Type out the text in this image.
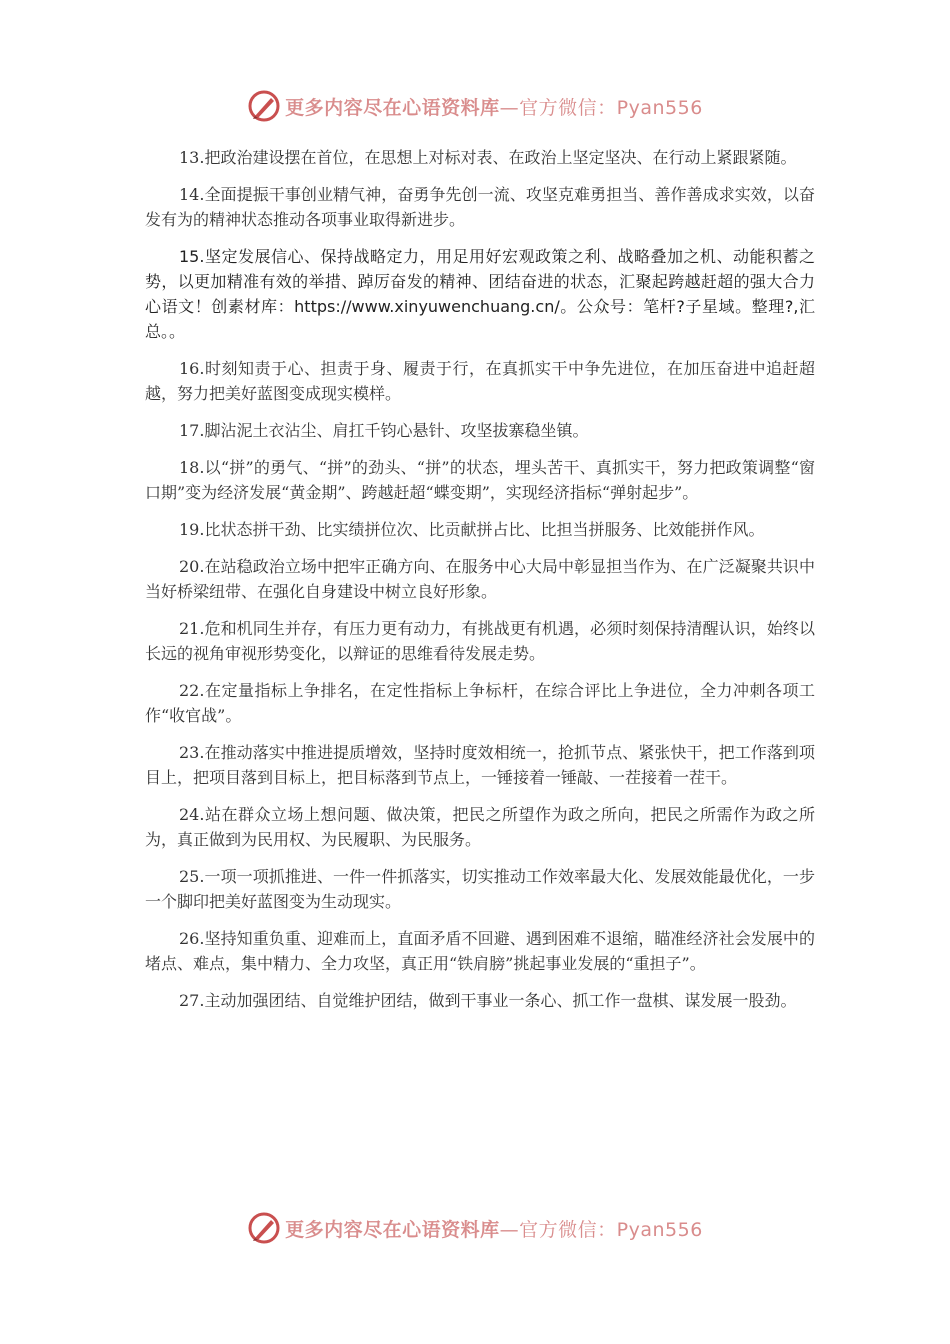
更多内容尽在心语资料库 —官方微信：Pyan556

13.把政治建设摆在首位，在思想上对标对表、在政治上坚定坚决、在行动上紧跟紧随。

14.全面提振干事创业精气神，奋勇争先创一流、攻坚克难勇担当、善作善成求实效，以奋发有为的精神状态推动各项事业取得新进步。

15.坚定发展信心、保持战略定力，用足用好宏观政策之利、战略叠加之机、动能积蓄之势，以更加精准有效的举措、踔厉奋发的精神、团结奋进的状态，汇聚起跨越赶超的强大合力心语文！创素材库：https://www.xinyuwenchuang.cn/。公众号：笔杆?子星域。整理?,汇总。。

16.时刻知责于心、担责于身、履责于行，在真抓实干中争先进位，在加压奋进中追赶超越，努力把美好蓝图变成现实模样。

17.脚沾泥土衣沾尘、肩扛千钧心悬针、攻坚拔寨稳坐镇。

18.以“拼”的勇气、“拼”的劲头、“拼”的状态，埋头苦干、真抓实干，努力把政策调整“窗口期”变为经济发展“黄金期”、跨越赶超“蝶变期”，实现经济指标“弹射起步”。

19.比状态拼干劲、比实绩拼位次、比贡献拼占比、比担当拼服务、比效能拼作风。

20.在站稳政治立场中把牢正确方向、在服务中心大局中彰显担当作为、在广泛凝聚共识中当好桥梁纽带、在强化自身建设中树立良好形象。

21.危和机同生并存，有压力更有动力，有挑战更有机遇，必须时刻保持清醒认识，始终以长远的视角审视形势变化，以辩证的思维看待发展走势。

22.在定量指标上争排名，在定性指标上争标杆，在综合评比上争进位，全力冲刺各项工作“收官战”。

23.在推动落实中推进提质增效，坚持时度效相统一，抢抓节点、紧张快干，把工作落到项目上，把项目落到目标上，把目标落到节点上，一锤接着一锤敲、一茬接着一茬干。

24.站在群众立场上想问题、做决策，把民之所望作为政之所向，把民之所需作为政之所为，真正做到为民用权、为民履职、为民服务。

25.一项一项抓推进、一件一件抓落实，切实推动工作效率最大化、发展效能最优化，一步一个脚印把美好蓝图变为生动现实。

26.坚持知重负重、迎难而上，直面矛盾不回避、遇到困难不退缩，瞄准经济社会发展中的堵点、难点，集中精力、全力攻坚，真正用“铁肩膀”挑起事业发展的“重担子”。

27.主动加强团结、自觉维护团结，做到干事业一条心、抓工作一盘棋、谋发展一股劲。

更多内容尽在心语资料库 —官方微信：Pyan556
